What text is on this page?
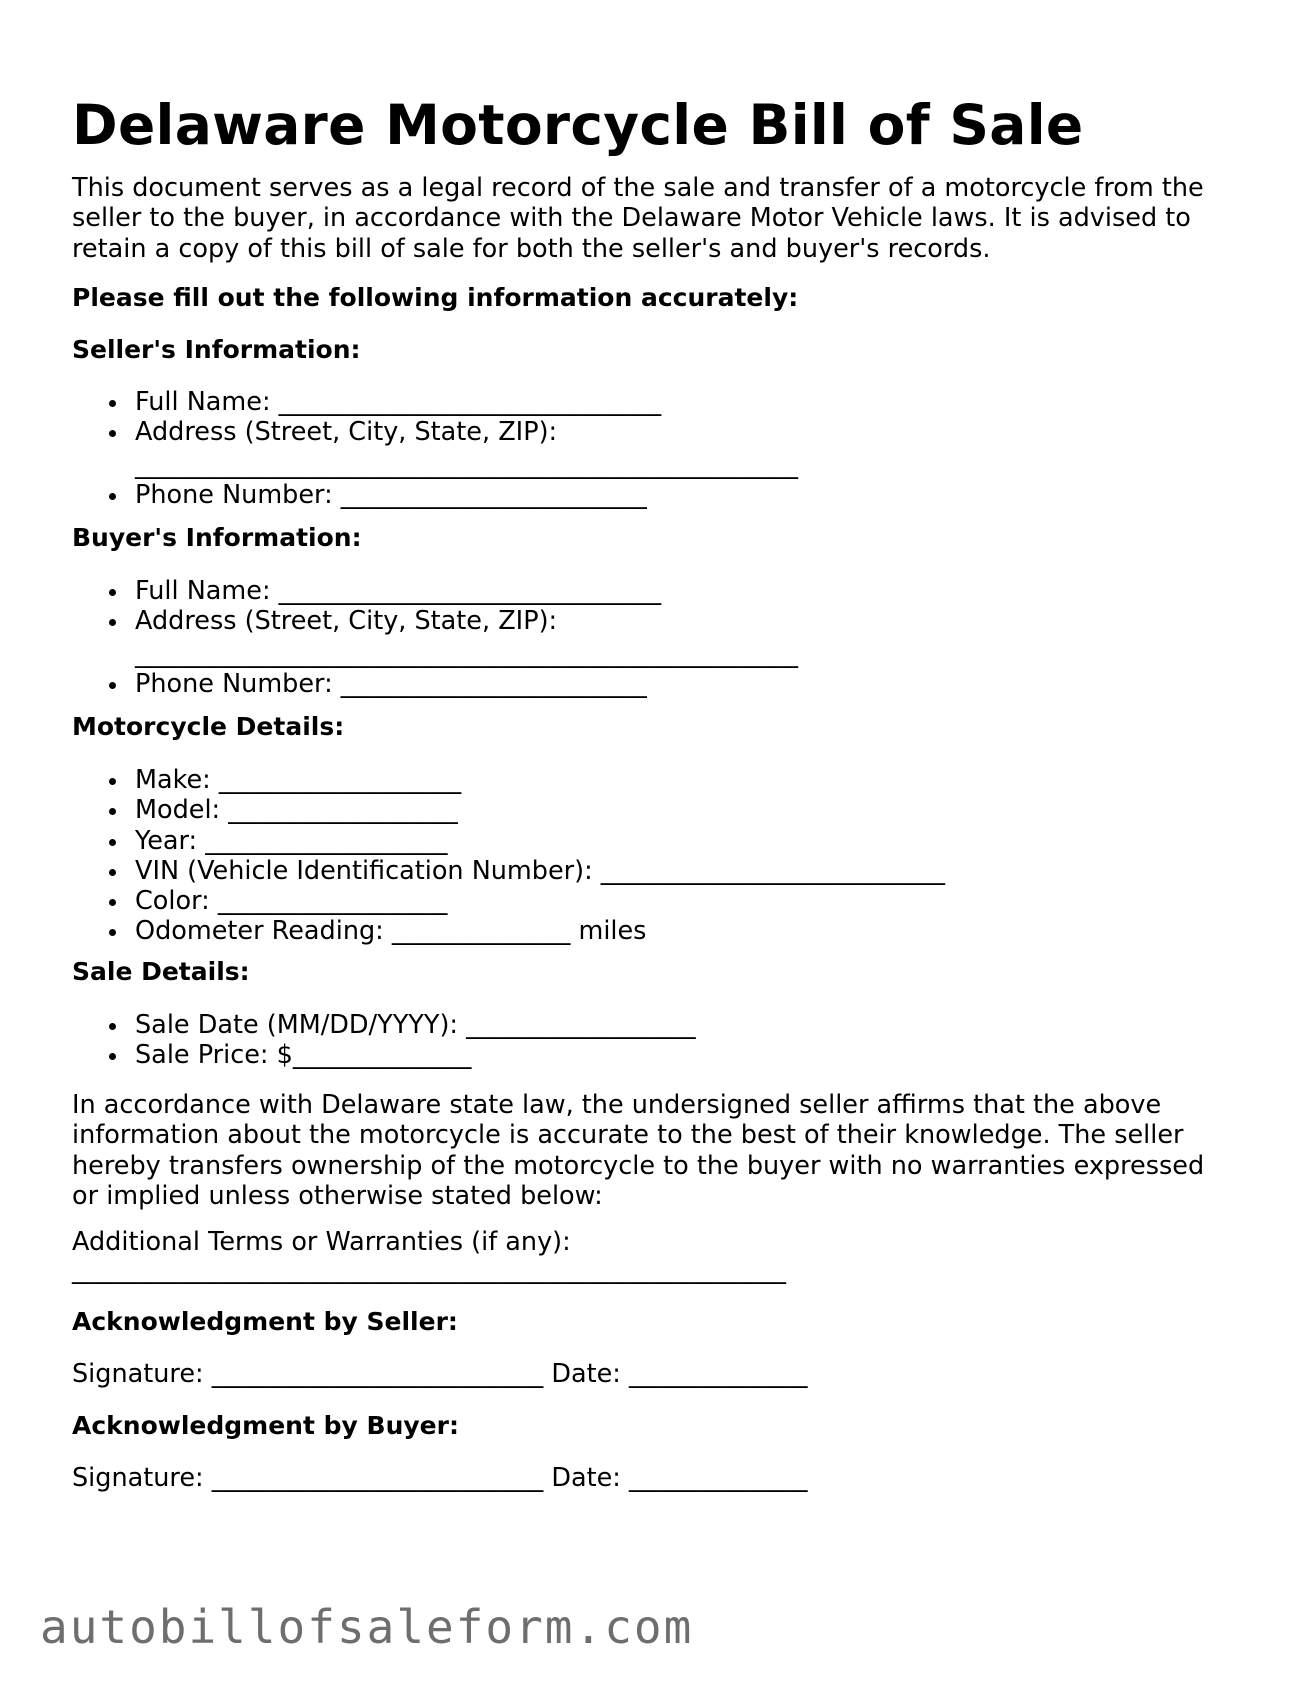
Delaware Motorcycle Bill of Sale

This document serves as a legal record of the sale and transfer of a motorcycle from the seller to the buyer, in accordance with the Delaware Motor Vehicle laws. It is advised to retain a copy of this bill of sale for both the seller's and buyer's records.

Please fill out the following information accurately:

Seller's Information:

Full Name: ______________________________
Address (Street, City, State, ZIP):
____________________________________________________
Phone Number: ________________________

Buyer's Information:

Full Name: ______________________________
Address (Street, City, State, ZIP):
____________________________________________________
Phone Number: ________________________

Motorcycle Details:

Make: ___________________
Model: __________________
Year: ___________________
VIN (Vehicle Identification Number): ___________________________
Color: __________________
Odometer Reading: ______________ miles

Sale Details:

Sale Date (MM/DD/YYYY): __________________
Sale Price: $______________

In accordance with Delaware state law, the undersigned seller affirms that the above information about the motorcycle is accurate to the best of their knowledge. The seller hereby transfers ownership of the motorcycle to the buyer with no warranties expressed or implied unless otherwise stated below:

Additional Terms or Warranties (if any):

________________________________________________________

Acknowledgment by Seller:

Signature: __________________________ Date: ______________

Acknowledgment by Buyer:

Signature: __________________________ Date: ______________

autobillofsaleform.com
